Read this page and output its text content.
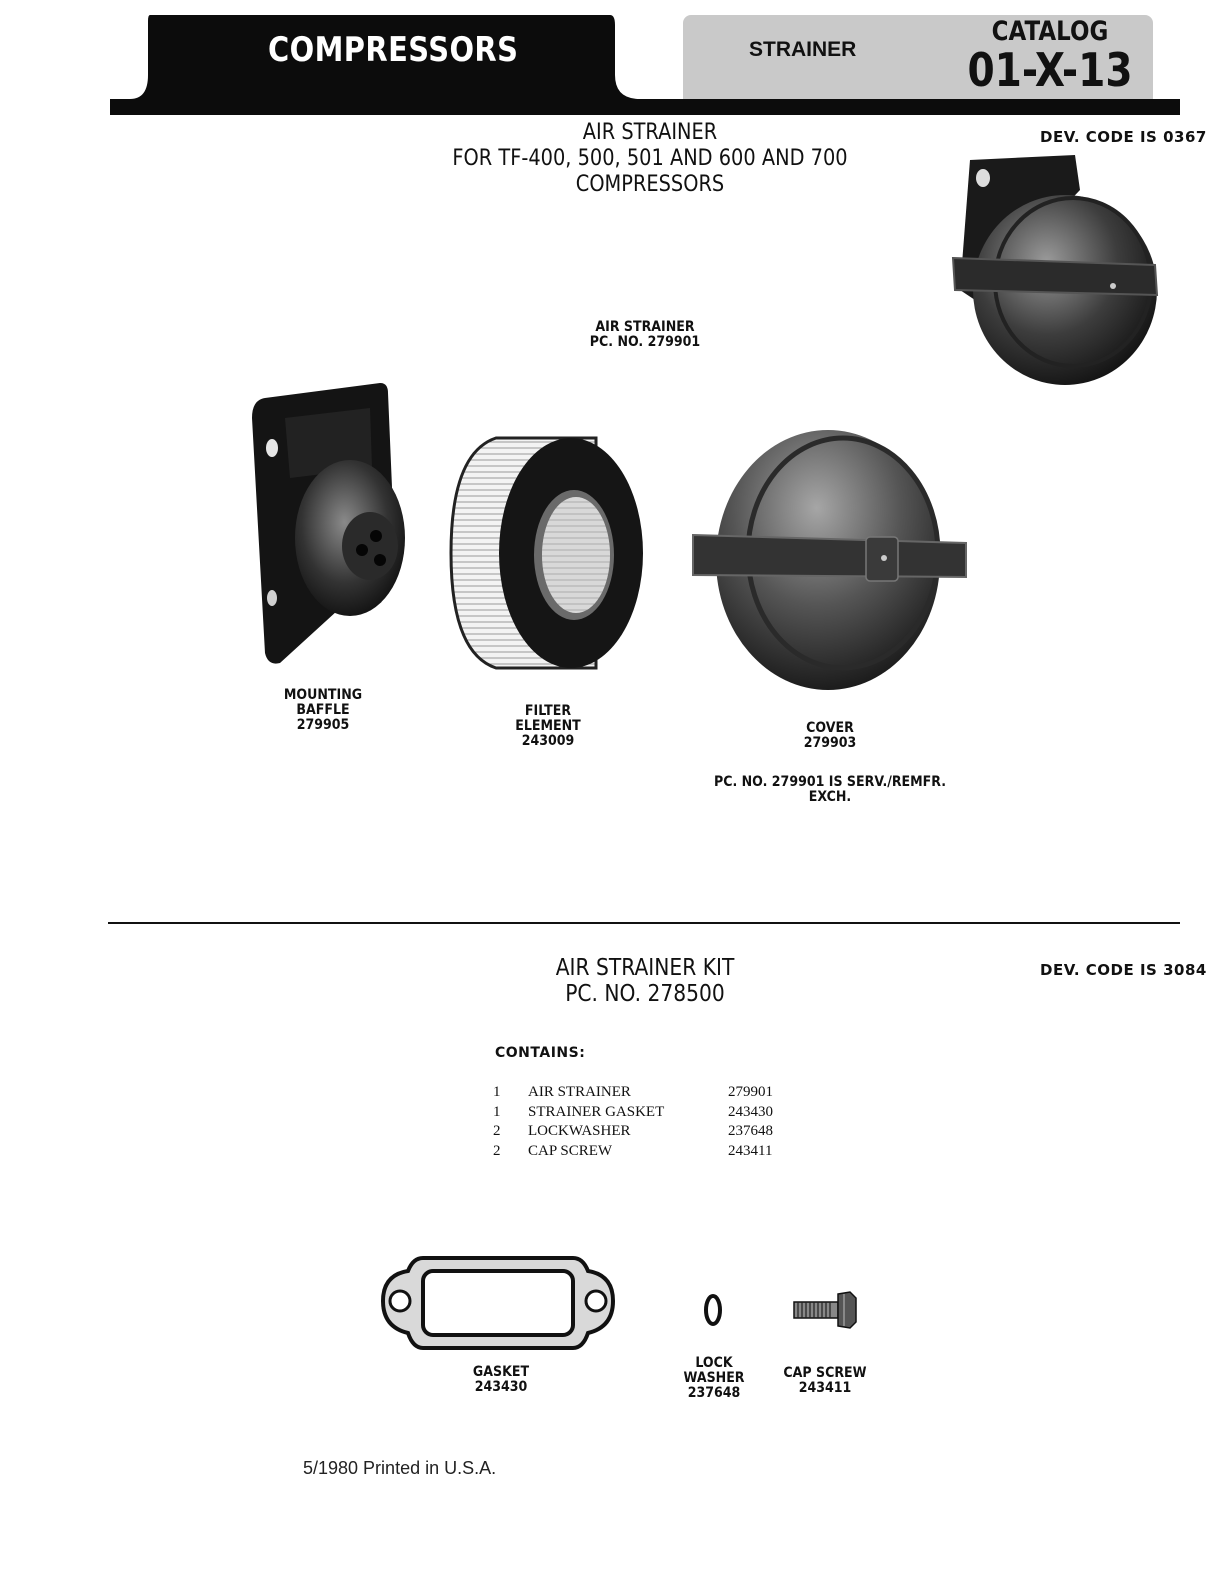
COMPRESSORS	STRAINER
CATALOG
01-X-13
AIR STRAINER
FOR TF-400, 500, 501 AND 600 AND 700
COMPRESSORS
DEV. CODE IS 0367
AIR STRAINER
PC. NO. 279901
MOUNTING
BAFFLE
279905
FILTER
ELEMENT
243009
COVER
279903
PC. NO. 279901 IS SERV./REMFR. EXCH.
AIR STRAINER KIT
PC. NO. 278500
DEV. CODE IS 3084
CONTAINS:
1	AIR STRAINER	279901
1	STRAINER GASKET	243430
2	LOCKWASHER	237648
2	CAP SCREW	243411
GASKET
243430
LOCK
WASHER
237648
CAP SCREW
243411
5/1980 Printed in U.S.A.
